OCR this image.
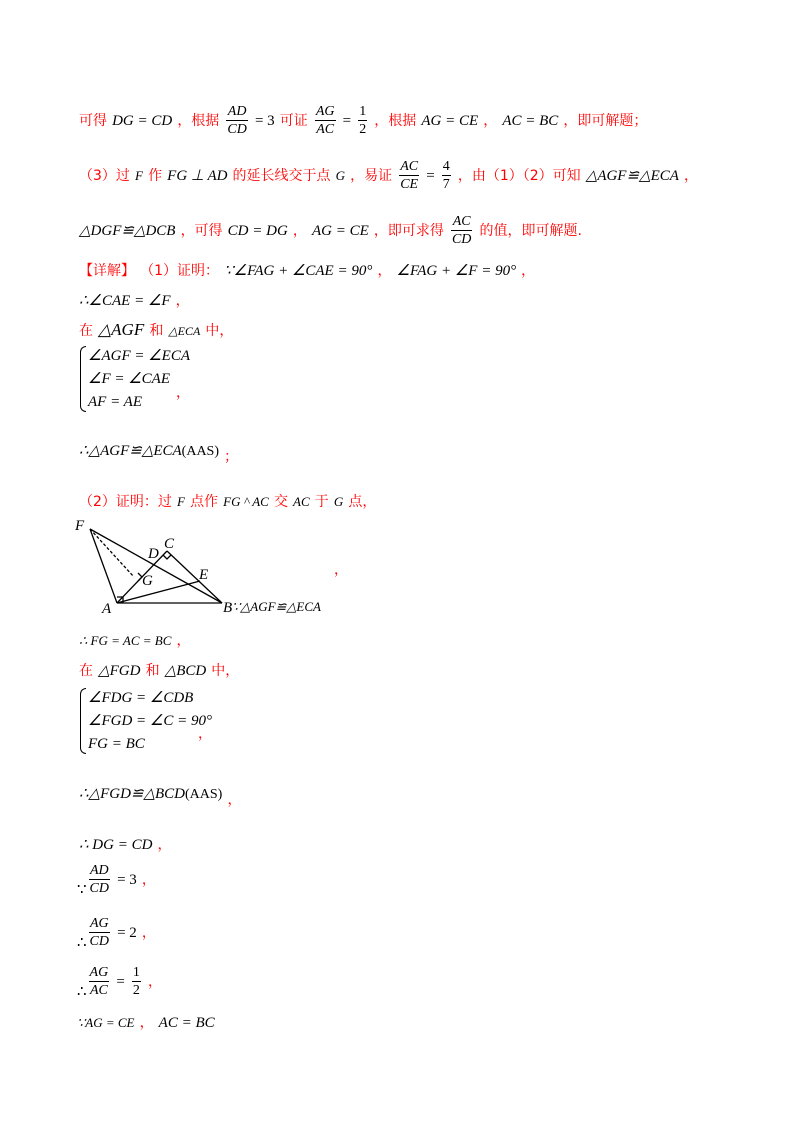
可得 DG = CD ，根据 $\frac{AD}{CD} = 3$ 可证 $\frac{AG}{AC} = \frac{1}{2}$ ，根据 AG = CE ， AC = BC ，即可解题；
（3）过 F 作 FG ⊥ AD 的延长线交于点 G ，易证 $\frac{AC}{CE} = \frac{4}{7}$ ，由（1）（2）可知 △AGF≌△ECA ，
△DGF≌△DCB ，可得 CD = DG ， AG = CE ，即可求得 $\frac{AC}{CD}$ 的值，即可解题.
【详解】 （1）证明： ∵∠FAG + ∠CAE = 90° ， ∠FAG + ∠F = 90° ，
∴∠CAE = ∠F ，
在 △AGF 和 △ECA 中，
∠AGF = ∠ECA
∠F = ∠CAE
AF = AE
，
∴△AGF≌△ECA(AAS) ；
（2）证明：过 F 点作 FG ^ AC 交 AC 于 G 点，
F
C
D
G	E
A	B
，
∵△AGF≌△ECA
∴ FG = AC = BC ，
在 △FGD 和 △BCD 中，
∠FDG = ∠CDB
∠FGD = ∠C = 90°
FG = BC
，
∴△FGD≌△BCD(AAS) ，
∴ DG = CD ，
∵ $\frac{AD}{CD} = 3$ ，
∴ $\frac{AG}{CD} = 2$ ，
∴ $\frac{AG}{AC} = \frac{1}{2}$ ，
∵AG = CE ， AC = BC
